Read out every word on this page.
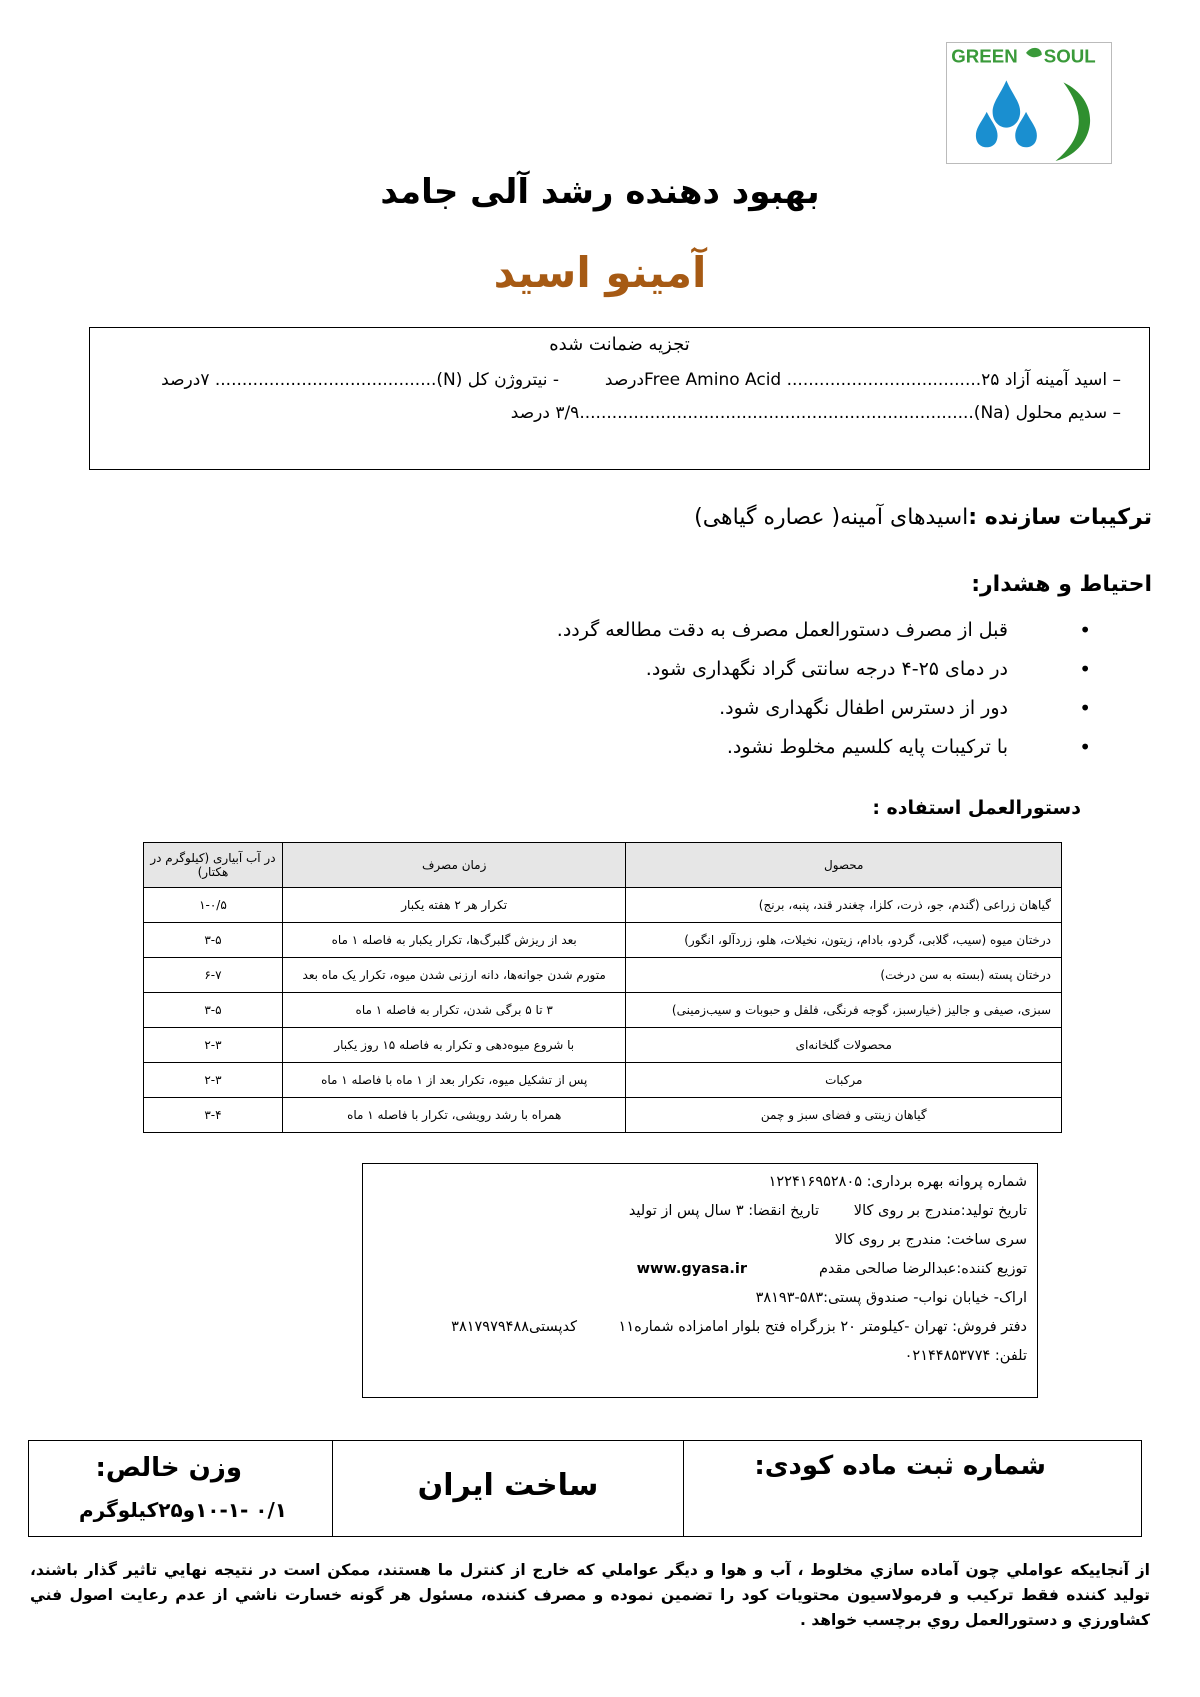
GREEN SOUL
بهبود دهنده رشد آلی جامد
آمینو اسید
تجزیه ضمانت شده
– اسید آمینه آزاد Free Amino Acid ....................................۲۵درصد
– سدیم محلول (Na).........................................................................۳/۹ درصد
- نیتروژن کل (N)......................................... ۷درصد
ترکیبات سازنده :اسیدهای آمینه( عصاره گیاهی)
احتیاط و هشدار:
•
قبل از مصرف دستورالعمل مصرف به دقت مطالعه گردد.
•
در دمای ۲۵-۴ درجه سانتی گراد نگهداری شود.
•
دور از دسترس اطفال نگهداری شود.
•
با ترکیبات پایه کلسیم مخلوط نشود.
دستورالعمل استفاده :
محصول	زمان مصرف	در آب آبیاری (کیلوگرم در هکتار)
گیاهان زراعی (گندم، جو، ذرت، کلزا، چغندر قند، پنبه، برنج)	تکرار هر ۲ هفته یکبار	۱-۰/۵
درختان میوه (سیب، گلابی، گردو، بادام، زیتون، نخیلات، هلو، زردآلو، انگور)	بعد از ریزش گلبرگ‌ها، تکرار یکبار به فاصله ۱ ماه	۳-۵
درختان پسته (بسته به سن درخت)	متورم شدن جوانه‌ها، دانه ارزنی شدن میوه، تکرار یک ماه بعد	۶-۷
سبزی، صیفی و جالیز (خیارسبز، گوجه فرنگی، فلفل و حبوبات و سیب‌زمینی)	۳ تا ۵ برگی شدن، تکرار به فاصله ۱ ماه	۳-۵
محصولات گلخانه‌ای	با شروع میوه‌دهی و تکرار به فاصله ۱۵ روز یکبار	۲-۳
مرکبات	پس از تشکیل میوه، تکرار بعد از ۱ ماه با فاصله ۱ ماه	۲-۳
گیاهان زینتی و فضای سبز و چمن	همراه با رشد رویشی، تکرار با فاصله ۱ ماه	۳-۴
شماره پروانه بهره برداری: ۱۲۲۴۱۶۹۵۲۸۰۵
تاریخ تولید:مندرج بر روی کالا
تاریخ انقضا: ۳ سال پس از تولید
سری ساخت: مندرج بر روی کالا
توزیع کننده:عبدالرضا صالحی مقدم
www.gyasa.ir
اراک- خیابان نواب- صندوق پستی:۵۸۳-۳۸۱۹۳
دفتر فروش: تهران -کیلومتر ۲۰ بزرگراه فتح بلوار امامزاده شماره۱۱
کدپستی۳۸۱۷۹۷۹۴۸۸
تلفن: ۰۲۱۴۴۸۵۳۷۷۴
شماره ثبت ماده کودی:
ساخت ایران
وزن خالص:
۰/۱ -۱۰-۱و۲۵کیلوگرم
از آنجاییکه عواملي چون آماده سازي مخلوط ، آب و هوا و ديگر عواملي كه خارج از كنترل ما هستند، ممكن است در نتيجه نهايي تاثير گذار باشند، توليد كننده فقط تركيب و فرمولاسيون محتويات كود را تضمين نموده و مصرف كننده، مسئول هر گونه خسارت ناشي از عدم رعايت اصول فني كشاورزي و دستورالعمل روي برچسب خواهد .
